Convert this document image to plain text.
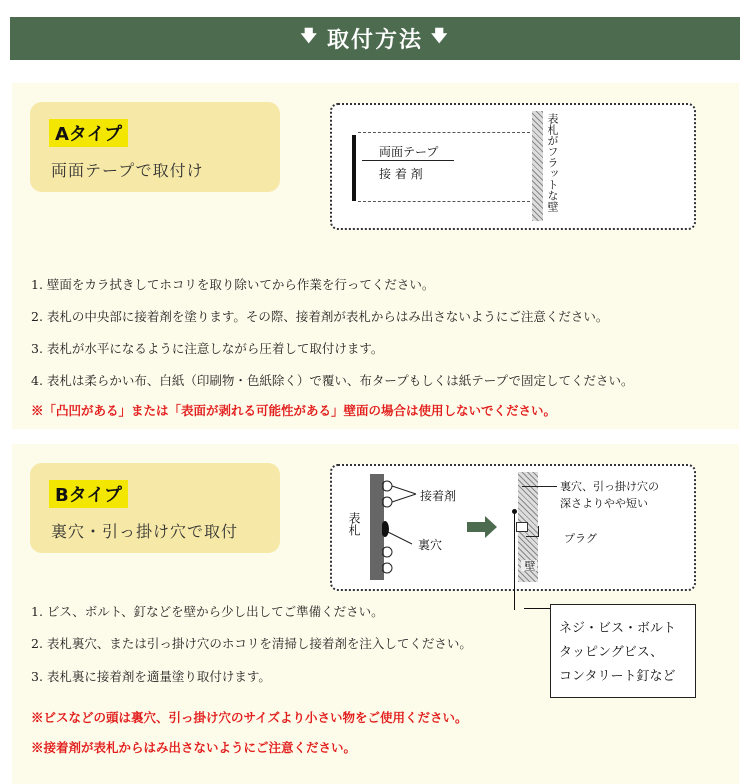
🡇 取付方法 🡇
Aタイプ
両面テープで取付け
両面テープ
接 着 剤	表札がフラットな壁
1. 壁面をカラ拭きしてホコリを取り除いてから作業を行ってください。
2. 表札の中央部に接着剤を塗ります。その際、接着剤が表札からはみ出さないようにご注意ください。
3. 表札が水平になるように注意しながら圧着して取付けます。
4. 表札は柔らかい布、白紙（印刷物・色紙除く）で覆い、布タープもしくは紙テープで固定してください。
※「凸凹がある」または「表面が剥れる可能性がある」壁面の場合は使用しないでください。
Bタイプ
裏穴・引っ掛け穴で取付	表札
接着剤
裏穴
壁
裏穴、引っ掛け穴の
深さよりやや短い
プラグ
ネジ・ビス・ボルト
タッピングビス、
コンタリート釘など
1. ビス、ボルト、釘などを壁から少し出してご準備ください。
2. 表札裏穴、または引っ掛け穴のホコリを清掃し接着剤を注入してください。
3. 表札裏に接着剤を適量塗り取付けます。
※ビスなどの頭は裏穴、引っ掛け穴のサイズより小さい物をご使用ください。
※接着剤が表札からはみ出さないようにご注意ください。
